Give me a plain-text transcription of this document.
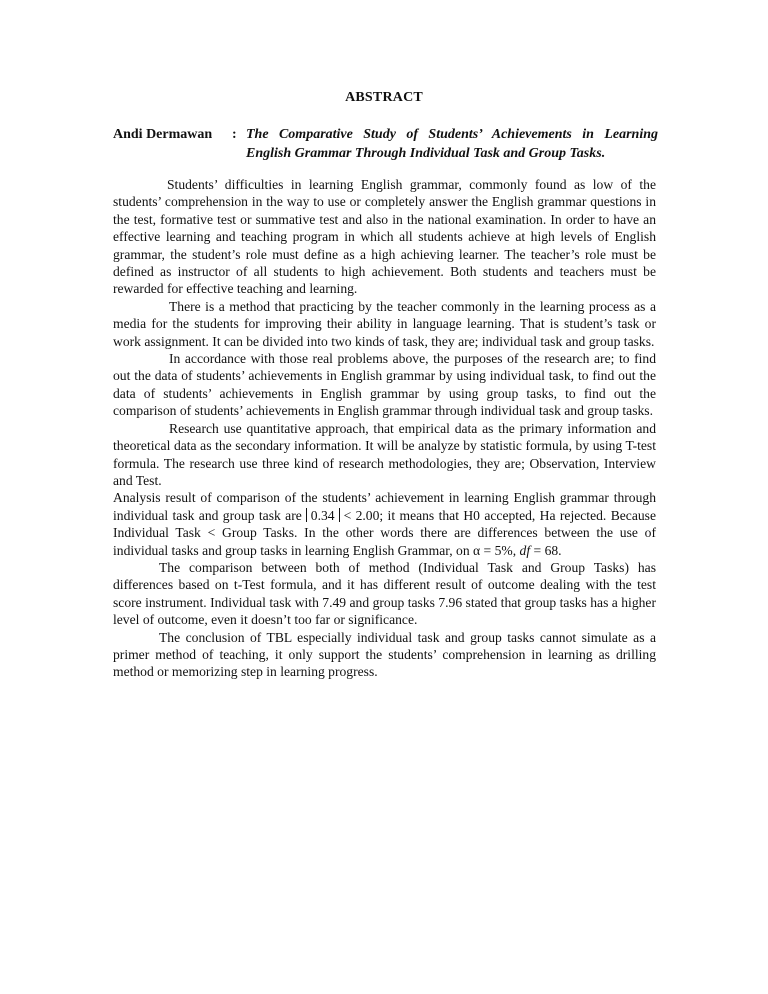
ABSTRACT
Andi Dermawan : The Comparative Study of Students’ Achievements in Learning English Grammar Through Individual Task and Group Tasks.

Students’ difficulties in learning English grammar, commonly found as low of the students’ comprehension in the way to use or completely answer the English grammar questions in the test, formative test or summative test and also in the national examination. In order to have an effective learning and teaching program in which all students achieve at high levels of English grammar, the student’s role must define as a high achieving learner. The teacher’s role must be defined as instructor of all students to high achievement. Both students and teachers must be rewarded for effective teaching and learning.

There is a method that practicing by the teacher commonly in the learning process as a media for the students for improving their ability in language learning. That is student’s task or work assignment. It can be divided into two kinds of task, they are; individual task and group tasks.

In accordance with those real problems above, the purposes of the research are; to find out the data of students’ achievements in English grammar by using individual task, to find out the data of students’ achievements in English grammar by using group tasks, to find out the comparison of students’ achievements in English grammar through individual task and group tasks.

Research use quantitative approach, that empirical data as the primary information and theoretical data as the secondary information. It will be analyze by statistic formula, by using T-test formula. The research use three kind of research methodologies, they are; Observation, Interview and Test.

Analysis result of comparison of the students’ achievement in learning English grammar through individual task and group task are 0.34 < 2.00; it means that H0 accepted, Ha rejected. Because Individual Task < Group Tasks. In the other words there are differences between the use of individual tasks and group tasks in learning English Grammar, on α = 5%, df = 68.

The comparison between both of method (Individual Task and Group Tasks) has differences based on t-Test formula, and it has different result of outcome dealing with the test score instrument. Individual task with 7.49 and group tasks 7.96 stated that group tasks has a higher level of outcome, even it doesn’t too far or significance.

The conclusion of TBL especially individual task and group tasks cannot simulate as a primer method of teaching, it only support the students’ comprehension in learning as drilling method or memorizing step in learning progress.
